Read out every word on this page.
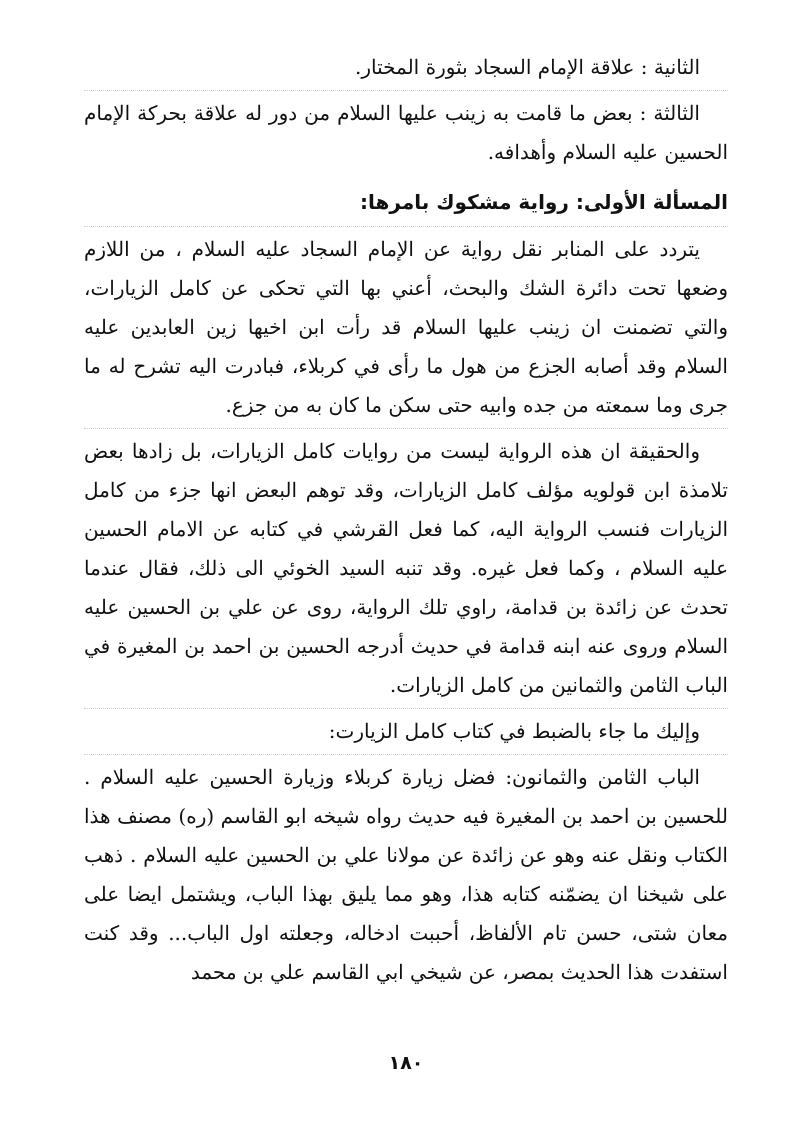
الثانية : علاقة الإمام السجاد بثورة المختار.

الثالثة : بعض ما قامت به زينب عليها السلام من دور له علاقة بحركة الإمام الحسين عليه السلام وأهدافه.

المسألة الأولى: رواية مشكوك بامرها:

يتردد على المنابر نقل رواية عن الإمام السجاد عليه السلام ، من اللازم وضعها تحت دائرة الشك والبحث، أعني بها التي تحكى عن كامل الزيارات، والتي تضمنت ان زينب عليها السلام قد رأت ابن اخيها زين العابدين عليه السلام وقد أصابه الجزع من هول ما رأى في كربلاء، فبادرت اليه تشرح له ما جرى وما سمعته من جده وابيه حتى سكن ما كان به من جزع.

والحقيقة ان هذه الرواية ليست من روايات كامل الزيارات، بل زادها بعض تلامذة ابن قولويه مؤلف كامل الزيارات، وقد توهم البعض انها جزء من كامل الزيارات فنسب الرواية اليه، كما فعل القرشي في كتابه عن الامام الحسين عليه السلام ، وكما فعل غيره. وقد تنبه السيد الخوئي الى ذلك، فقال عندما تحدث عن زائدة بن قدامة، راوي تلك الرواية، روى عن علي بن الحسين عليه السلام وروى عنه ابنه قدامة في حديث أدرجه الحسين بن احمد بن المغيرة في الباب الثامن والثمانين من كامل الزيارات.

وإليك ما جاء بالضبط في كتاب كامل الزيارت:

الباب الثامن والثمانون: فضل زيارة كربلاء وزيارة الحسين عليه السلام . للحسين بن احمد بن المغيرة فيه حديث رواه شيخه ابو القاسم (ره) مصنف هذا الكتاب ونقل عنه وهو عن زائدة عن مولانا علي بن الحسين عليه السلام . ذهب على شيخنا ان يضمّنه كتابه هذا، وهو مما يليق بهذا الباب، ويشتمل ايضا على معان شتى، حسن تام الألفاظ، أحببت ادخاله، وجعلته اول الباب... وقد كنت استفدت هذا الحديث بمصر، عن شيخي ابي القاسم علي بن محمد

١٨٠
